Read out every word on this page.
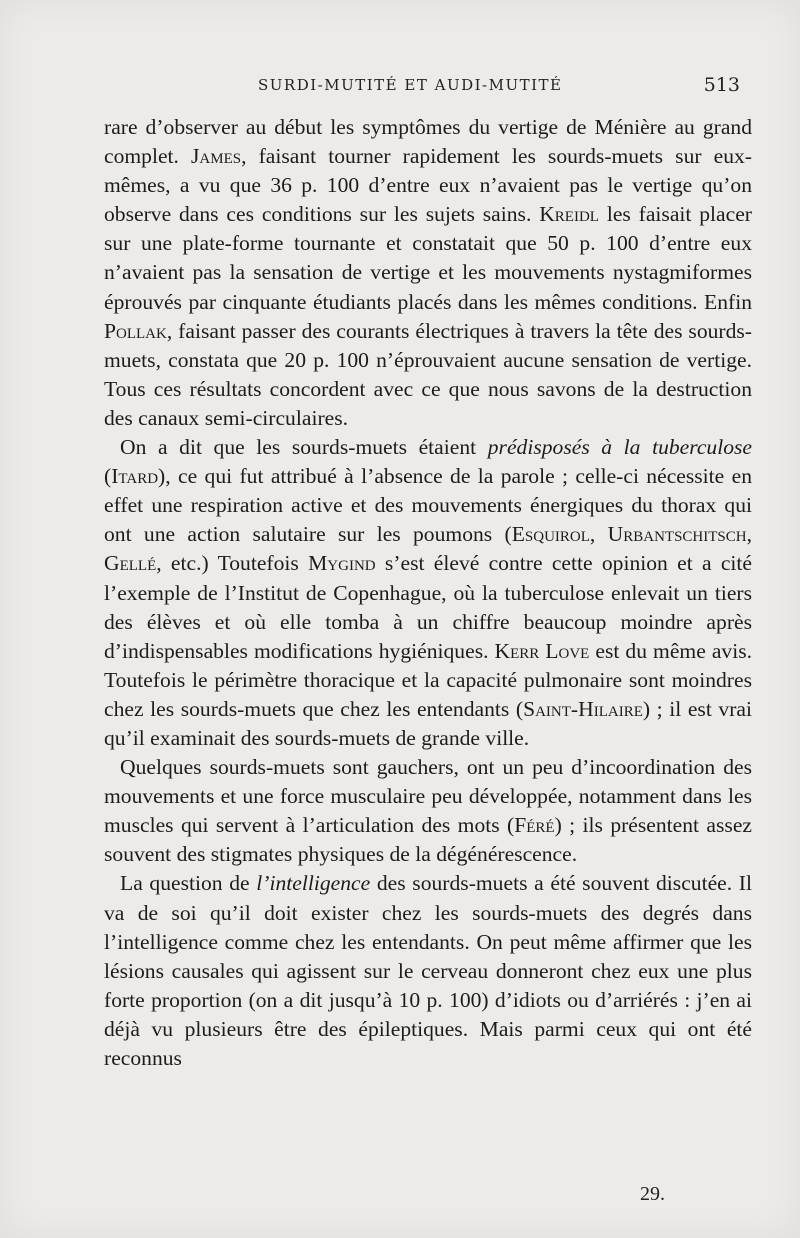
SURDI-MUTITÉ ET AUDI-MUTITÉ	513

rare d’observer au début les symptômes du vertige de Ménière au grand complet. James, faisant tourner rapidement les sourds-muets sur eux-mêmes, a vu que 36 p. 100 d’entre eux n’avaient pas le vertige qu’on observe dans ces conditions sur les sujets sains. Kreidl les faisait placer sur une plate-forme tournante et constatait que 50 p. 100 d’entre eux n’avaient pas la sensation de vertige et les mouvements nystagmiformes éprouvés par cinquante étudiants placés dans les mêmes conditions. Enfin Pollak, faisant passer des courants électriques à travers la tête des sourds-muets, constata que 20 p. 100 n’éprouvaient aucune sensation de vertige. Tous ces résultats concordent avec ce que nous savons de la destruction des canaux semi-circulaires.

On a dit que les sourds-muets étaient prédisposés à la tuberculose (Itard), ce qui fut attribué à l’absence de la parole ; celle-ci nécessite en effet une respiration active et des mouvements énergiques du thorax qui ont une action salutaire sur les poumons (Esquirol, Urbantschitsch, Gellé, etc.) Toutefois Mygind s’est élevé contre cette opinion et a cité l’exemple de l’Institut de Copenhague, où la tuberculose enlevait un tiers des élèves et où elle tomba à un chiffre beaucoup moindre après d’indispensables modifications hygiéniques. Kerr Love est du même avis. Toutefois le périmètre thoracique et la capacité pulmonaire sont moindres chez les sourds-muets que chez les entendants (Saint-Hilaire) ; il est vrai qu’il examinait des sourds-muets de grande ville.

Quelques sourds-muets sont gauchers, ont un peu d’incoordination des mouvements et une force musculaire peu développée, notamment dans les muscles qui servent à l’articulation des mots (Féré) ; ils présentent assez souvent des stigmates physiques de la dégénérescence.

La question de l’intelligence des sourds-muets a été souvent discutée. Il va de soi qu’il doit exister chez les sourds-muets des degrés dans l’intelligence comme chez les entendants. On peut même affirmer que les lésions causales qui agissent sur le cerveau donneront chez eux une plus forte proportion (on a dit jusqu’à 10 p. 100) d’idiots ou d’arriérés : j’en ai déjà vu plusieurs être des épileptiques. Mais parmi ceux qui ont été reconnus

29.
